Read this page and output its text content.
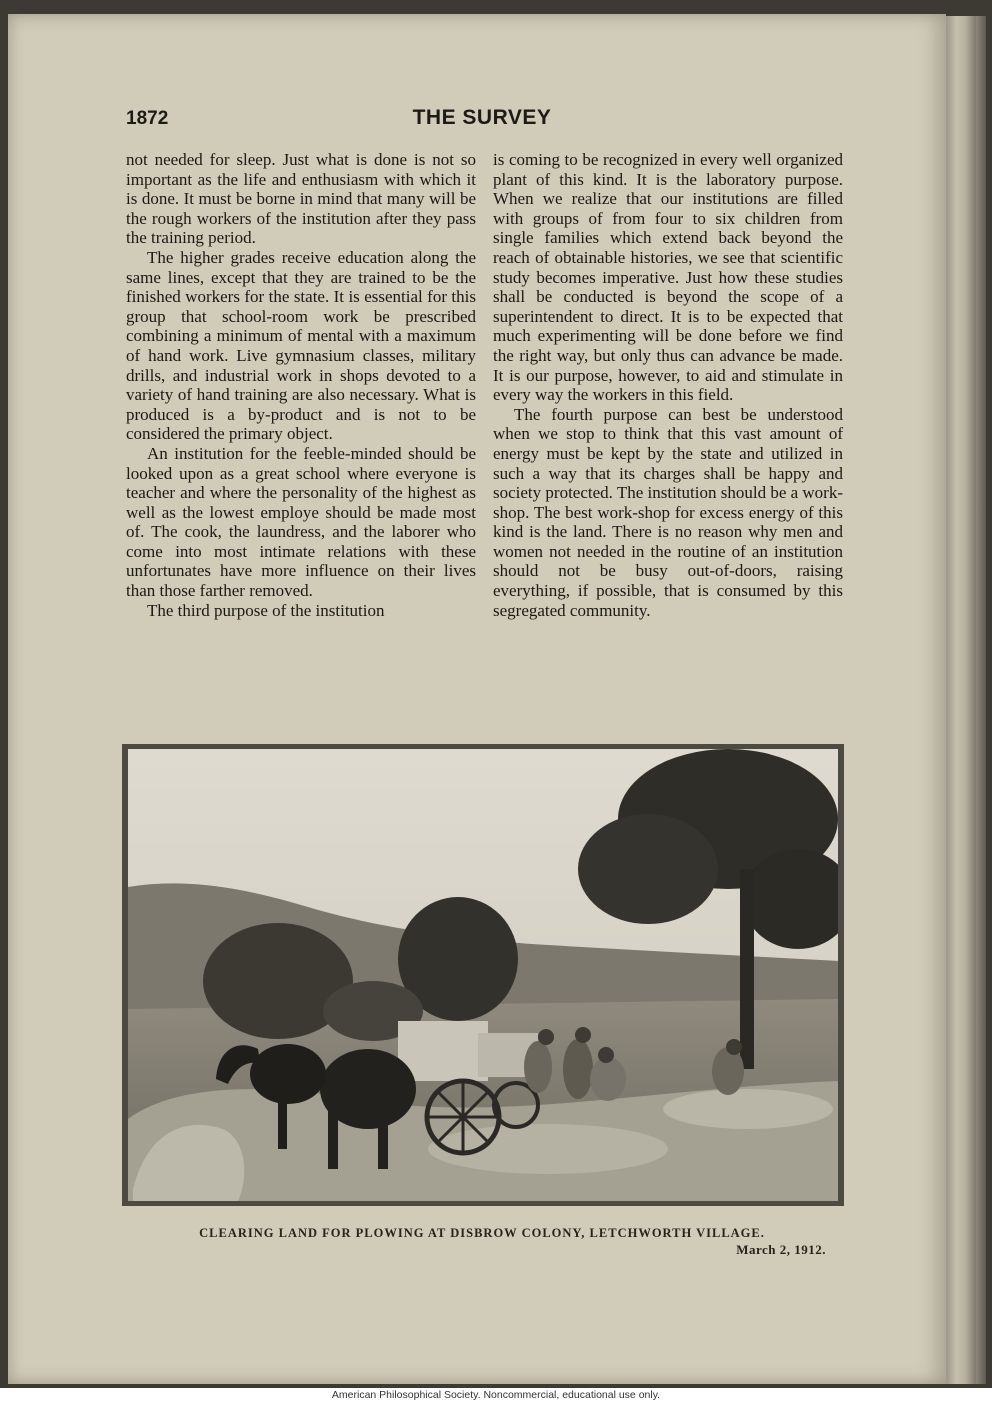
1872	THE SURVEY

not needed for sleep. Just what is done is not so important as the life and enthusiasm with which it is done. It must be borne in mind that many will be the rough workers of the institution after they pass the training period.

The higher grades receive education along the same lines, except that they are trained to be the finished workers for the state. It is essential for this group that school-room work be prescribed combining a minimum of mental with a maximum of hand work. Live gymnasium classes, military drills, and industrial work in shops devoted to a variety of hand training are also necessary. What is produced is a by-product and is not to be considered the primary object.

An institution for the feeble-minded should be looked upon as a great school where everyone is teacher and where the personality of the highest as well as the lowest employe should be made most of. The cook, the laundress, and the laborer who come into most intimate relations with these unfortunates have more influence on their lives than those farther removed.

The third purpose of the institution

is coming to be recognized in every well organized plant of this kind. It is the laboratory purpose. When we realize that our institutions are filled with groups of from four to six children from single families which extend back beyond the reach of obtainable histories, we see that scientific study becomes imperative. Just how these studies shall be conducted is beyond the scope of a superintendent to direct. It is to be expected that much experimenting will be done before we find the right way, but only thus can advance be made. It is our purpose, however, to aid and stimulate in every way the workers in this field.

The fourth purpose can best be understood when we stop to think that this vast amount of energy must be kept by the state and utilized in such a way that its charges shall be happy and society protected. The institution should be a work-shop. The best work-shop for excess energy of this kind is the land. There is no reason why men and women not needed in the routine of an institution should not be busy out-of-doors, raising everything, if possible, that is consumed by this segregated community.

CLEARING LAND FOR PLOWING AT DISBROW COLONY, LETCHWORTH VILLAGE.
March 2, 1912.
American Philosophical Society. Noncommercial, educational use only.
